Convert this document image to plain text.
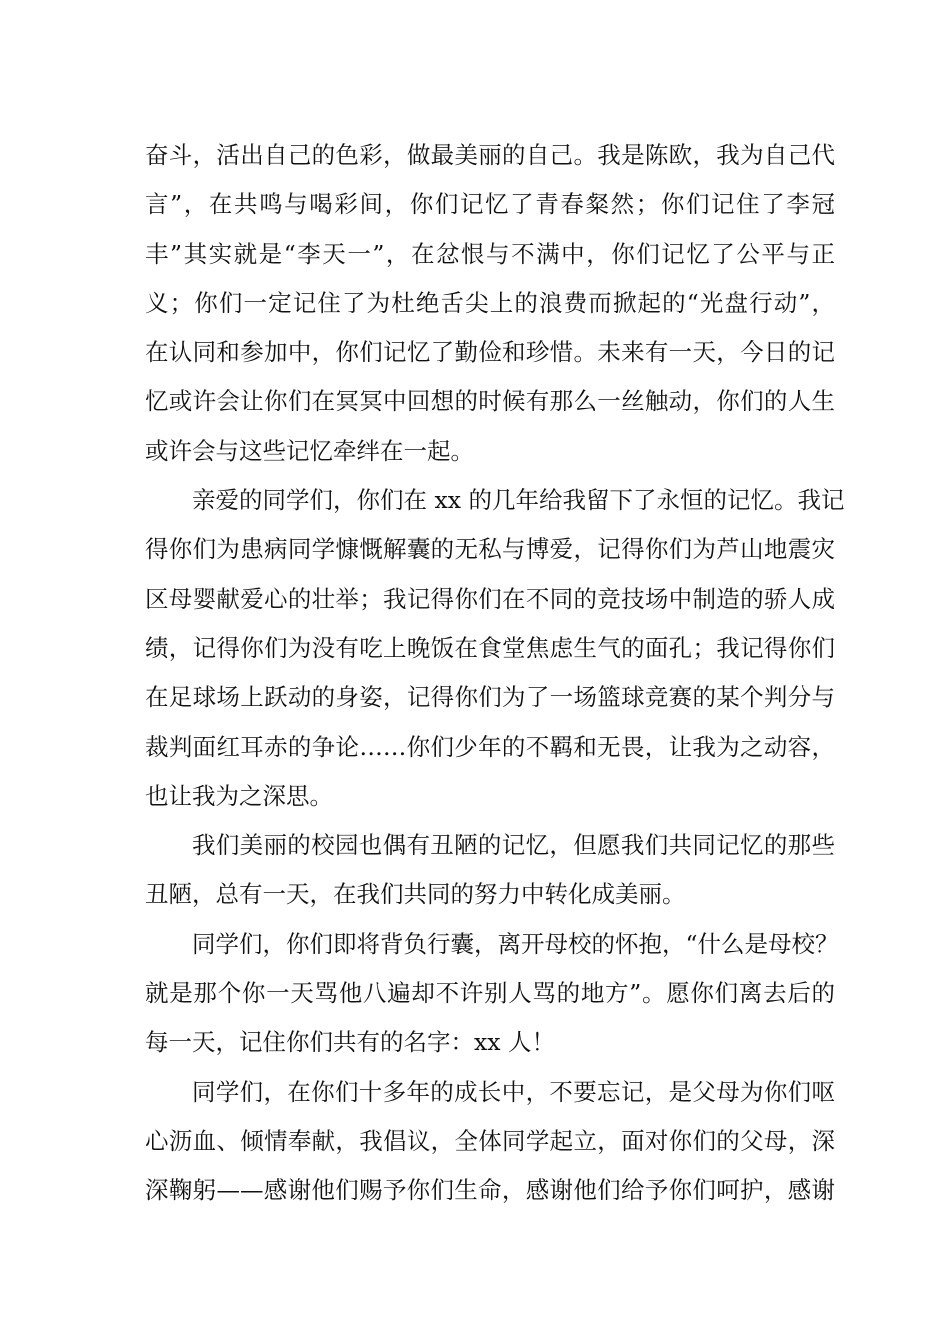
奋斗，活出自己的色彩，做最美丽的自己。我是陈欧，我为自己代
言”，在共鸣与喝彩间，你们记忆了青春粲然；你们记住了李冠
丰”其实就是“李天一”，在忿恨与不满中，你们记忆了公平与正
义；你们一定记住了为杜绝舌尖上的浪费而掀起的“光盘行动”，
在认同和参加中，你们记忆了勤俭和珍惜。未来有一天，今日的记
忆或许会让你们在冥冥中回想的时候有那么一丝触动，你们的人生
或许会与这些记忆牵绊在一起。
亲爱的同学们，你们在 xx 的几年给我留下了永恒的记忆。我记
得你们为患病同学慷慨解囊的无私与博爱，记得你们为芦山地震灾
区母婴献爱心的壮举；我记得你们在不同的竞技场中制造的骄人成
绩，记得你们为没有吃上晚饭在食堂焦虑生气的面孔；我记得你们
在足球场上跃动的身姿，记得你们为了一场篮球竞赛的某个判分与
裁判面红耳赤的争论……你们少年的不羁和无畏，让我为之动容，
也让我为之深思。
我们美丽的校园也偶有丑陋的记忆，但愿我们共同记忆的那些
丑陋，总有一天，在我们共同的努力中转化成美丽。
同学们，你们即将背负行囊，离开母校的怀抱，“什么是母校？
就是那个你一天骂他八遍却不许别人骂的地方”。愿你们离去后的
每一天，记住你们共有的名字：xx 人！
同学们，在你们十多年的成长中，不要忘记，是父母为你们呕
心沥血、倾情奉献，我倡议，全体同学起立，面对你们的父母，深
深鞠躬——感谢他们赐予你们生命，感谢他们给予你们呵护，感谢
